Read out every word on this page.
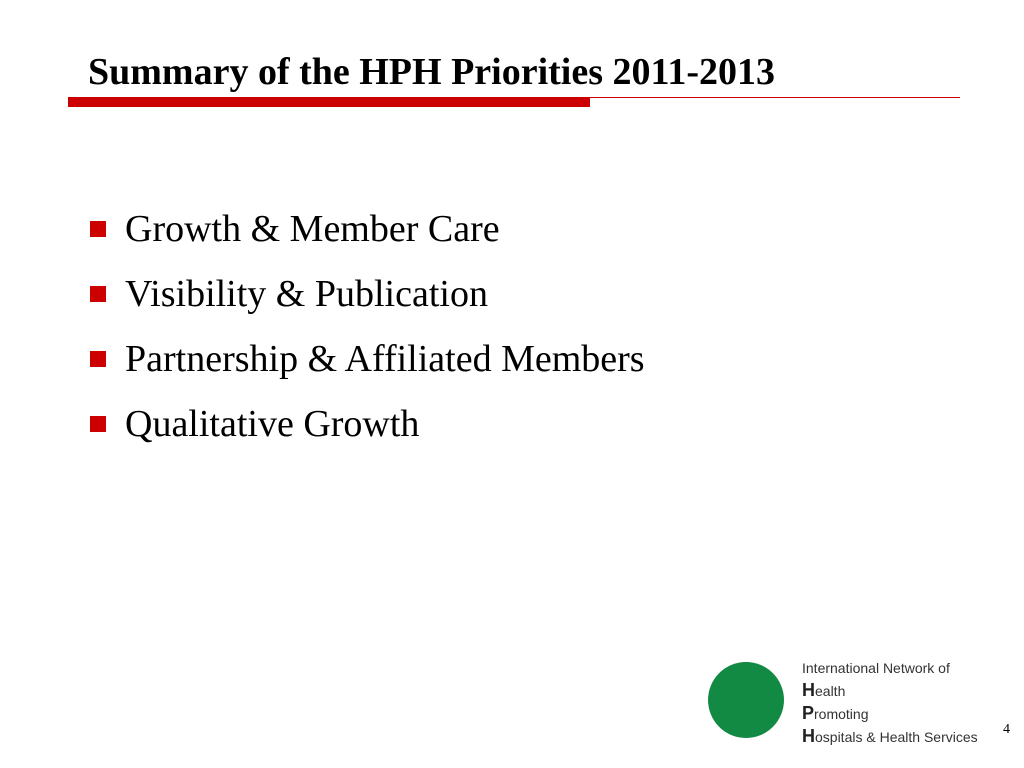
Summary of the HPH Priorities 2011-2013
Growth & Member Care
Visibility & Publication
Partnership & Affiliated Members
Qualitative Growth
International Network of
Health
Promoting
Hospitals & Health Services 4
